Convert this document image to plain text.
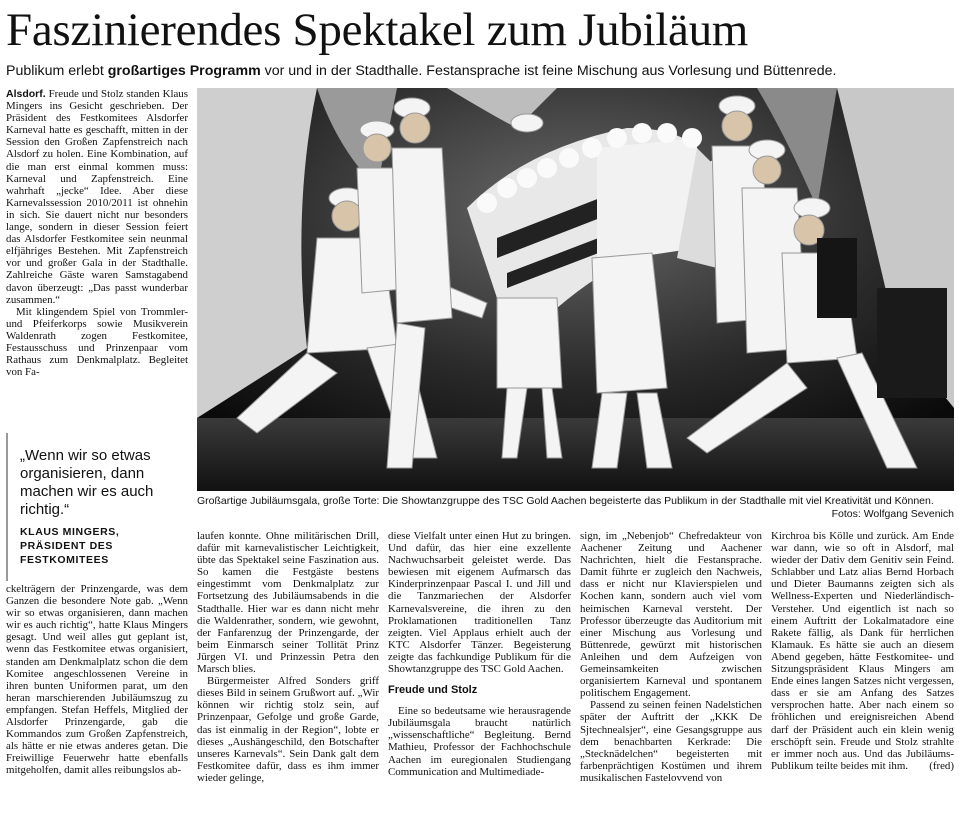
Faszinierendes Spektakel zum Jubiläum
Publikum erlebt großartiges Programm vor und in der Stadthalle. Festansprache ist feine Mischung aus Vorlesung und Büttenrede.

Alsdorf. Freude und Stolz standen Klaus Mingers ins Gesicht geschrieben. Der Präsident des Festkomitees Alsdorfer Karneval hatte es geschafft, mitten in der Session den Großen Zapfenstreich nach Alsdorf zu holen. Eine Kombination, auf die man erst einmal kommen muss: Karneval und Zapfenstreich. Eine wahrhaft „jecke“ Idee. Aber diese Karnevalssession 2010/2011 ist ohnehin in sich. Sie dauert nicht nur besonders lange, sondern in dieser Session feiert das Alsdorfer Festkomitee sein neunmal elfjähriges Bestehen. Mit Zapfenstreich vor und großer Gala in der Stadthalle. Zahlreiche Gäste waren Samstagabend davon überzeugt: „Das passt wunderbar zusammen.“

Mit klingendem Spiel von Trommler- und Pfeiferkorps sowie Musikverein Waldenrath zogen Festkomitee, Festausschuss und Prinzenpaar vom Rathaus zum Denkmalplatz. Begleitet von Fa-

„Wenn wir so etwas organisieren, dann machen wir es auch richtig.“
KLAUS MINGERS,
PRÄSIDENT DES FESTKOMITEES

ckelträgern der Prinzengarde, was dem Ganzen die besondere Note gab. „Wenn wir so etwas organisieren, dann machen wir es auch richtig“, hatte Klaus Mingers gesagt. Und weil alles gut geplant ist, wenn das Festkomitee etwas organisiert, standen am Denkmalplatz schon die dem Komitee angeschlossenen Vereine in ihren bunten Uniformen parat, um den heran marschierenden Jubiläumszug zu empfangen. Stefan Heffels, Mitglied der Alsdorfer Prinzengarde, gab die Kommandos zum Großen Zapfenstreich, als hätte er nie etwas anderes getan. Die Freiwillige Feuerwehr hatte ebenfalls mitgeholfen, damit alles reibungslos ab-

Großartige Jubiläumsgala, große Torte: Die Showtanzgruppe des TSC Gold Aachen begeisterte das Publikum in der Stadthalle mit viel Kreativität und Können.
Fotos: Wolfgang Sevenich

laufen konnte. Ohne militärischen Drill, dafür mit karnevalistischer Leichtigkeit, übte das Spektakel seine Faszination aus. So kamen die Festgäste bestens eingestimmt vom Denkmalplatz zur Fortsetzung des Jubiläumsabends in die Stadthalle. Hier war es dann nicht mehr die Waldenrather, sondern, wie gewohnt, der Fanfarenzug der Prinzengarde, der beim Einmarsch seiner Tollität Prinz Jürgen VI. und Prinzessin Petra den Marsch blies.

Bürgermeister Alfred Sonders griff dieses Bild in seinem Grußwort auf. „Wir können wir richtig stolz sein, auf Prinzenpaar, Gefolge und große Garde, das ist einmalig in der Region“, lobte er dieses „Aushängeschild, den Botschafter unseres Karnevals“. Sein Dank galt dem Festkomitee dafür, dass es ihm immer wieder gelinge,

diese Vielfalt unter einen Hut zu bringen. Und dafür, das hier eine exzellente Nachwuchsarbeit geleistet werde. Das bewiesen mit eigenem Aufmarsch das Kinderprinzenpaar Pascal I. und Jill und die Tanzmariechen der Alsdorfer Karnevalsvereine, die ihren zu den Proklamationen traditionellen Tanz zeigten. Viel Applaus erhielt auch der KTC Alsdorfer Tänzer. Begeisterung zeigte das fachkundige Publikum für die Showtanzgruppe des TSC Gold Aachen.

Freude und Stolz

Eine so bedeutsame wie herausragende Jubiläumsgala braucht natürlich „wissenschaftliche“ Begleitung. Bernd Mathieu, Professor der Fachhochschule Aachen im euregionalen Studiengang Communication and Multimediade-

sign, im „Nebenjob“ Chefredakteur von Aachener Zeitung und Aachener Nachrichten, hielt die Festansprache. Damit führte er zugleich den Nachweis, dass er nicht nur Klavierspielen und Kochen kann, sondern auch viel vom heimischen Karneval versteht. Der Professor überzeugte das Auditorium mit einer Mischung aus Vorlesung und Büttenrede, gewürzt mit historischen Anleihen und dem Aufzeigen von Gemeinsamkeiten zwischen organisiertem Karneval und spontanem politischem Engagement.

Passend zu seinen feinen Nadelstichen später der Auftritt der „KKK De Sjtechnealsjer“, eine Gesangsgruppe aus dem benachbarten Kerkrade: Die „Stecknädelchen“ begeisterten mit farbenprächtigen Kostümen und ihrem musikalischen Fastelovvend von

Kirchroa bis Kölle und zurück. Am Ende war dann, wie so oft in Alsdorf, mal wieder der Dativ dem Genitiv sein Feind. Schlabber und Latz alias Bernd Horbach und Dieter Baumanns zeigten sich als Wellness-Experten und Niederländisch-Versteher. Und eigentlich ist nach so einem Auftritt der Lokalmatadore eine Rakete fällig, als Dank für herrlichen Klamauk. Es hätte sie auch an diesem Abend gegeben, hätte Festkomitee- und Sitzungspräsident Klaus Mingers am Ende eines langen Satzes nicht vergessen, dass er sie am Anfang des Satzes versprochen hatte. Aber nach einem so fröhlichen und ereignisreichen Abend darf der Präsident auch ein klein wenig erschöpft sein. Freude und Stolz strahlte er immer noch aus. Und das Jubiläums-Publikum teilte beides mit ihm. (fred)
